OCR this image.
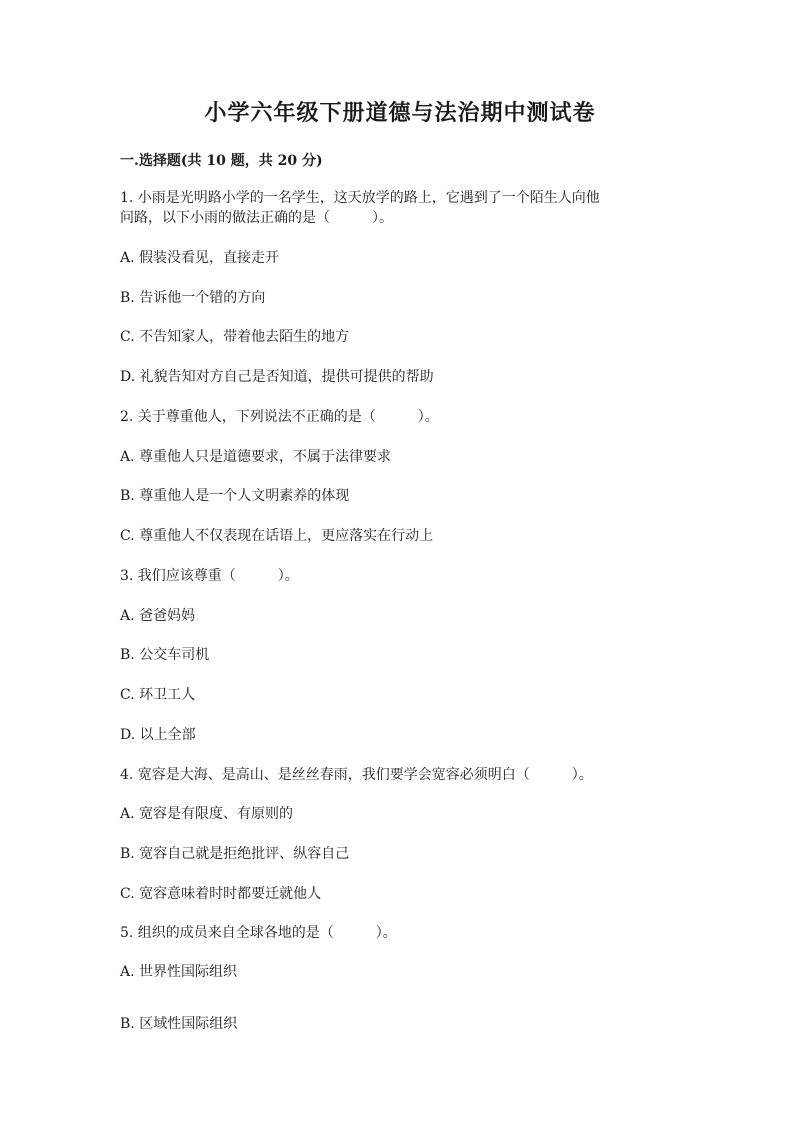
小学六年级下册道德与法治期中测试卷
一.选择题(共 10 题，共 20 分)
1. 小雨是光明路小学的一名学生，这天放学的路上，它遇到了一个陌生人向他
问路，以下小雨的做法正确的是（　　　）。
A. 假装没看见，直接走开
B. 告诉他一个错的方向
C. 不告知家人，带着他去陌生的地方
D. 礼貌告知对方自己是否知道，提供可提供的帮助
2. 关于尊重他人，下列说法不正确的是（　　　）。
A. 尊重他人只是道德要求，不属于法律要求
B. 尊重他人是一个人文明素养的体现
C. 尊重他人不仅表现在话语上，更应落实在行动上
3. 我们应该尊重（　　　）。
A. 爸爸妈妈
B. 公交车司机
C. 环卫工人
D. 以上全部
4. 宽容是大海、是高山、是丝丝春雨，我们要学会宽容必须明白（　　　）。
A. 宽容是有限度、有原则的
B. 宽容自己就是拒绝批评、纵容自己
C. 宽容意味着时时都要迁就他人
5. 组织的成员来自全球各地的是（　　　）。
A. 世界性国际组织
B. 区域性国际组织
